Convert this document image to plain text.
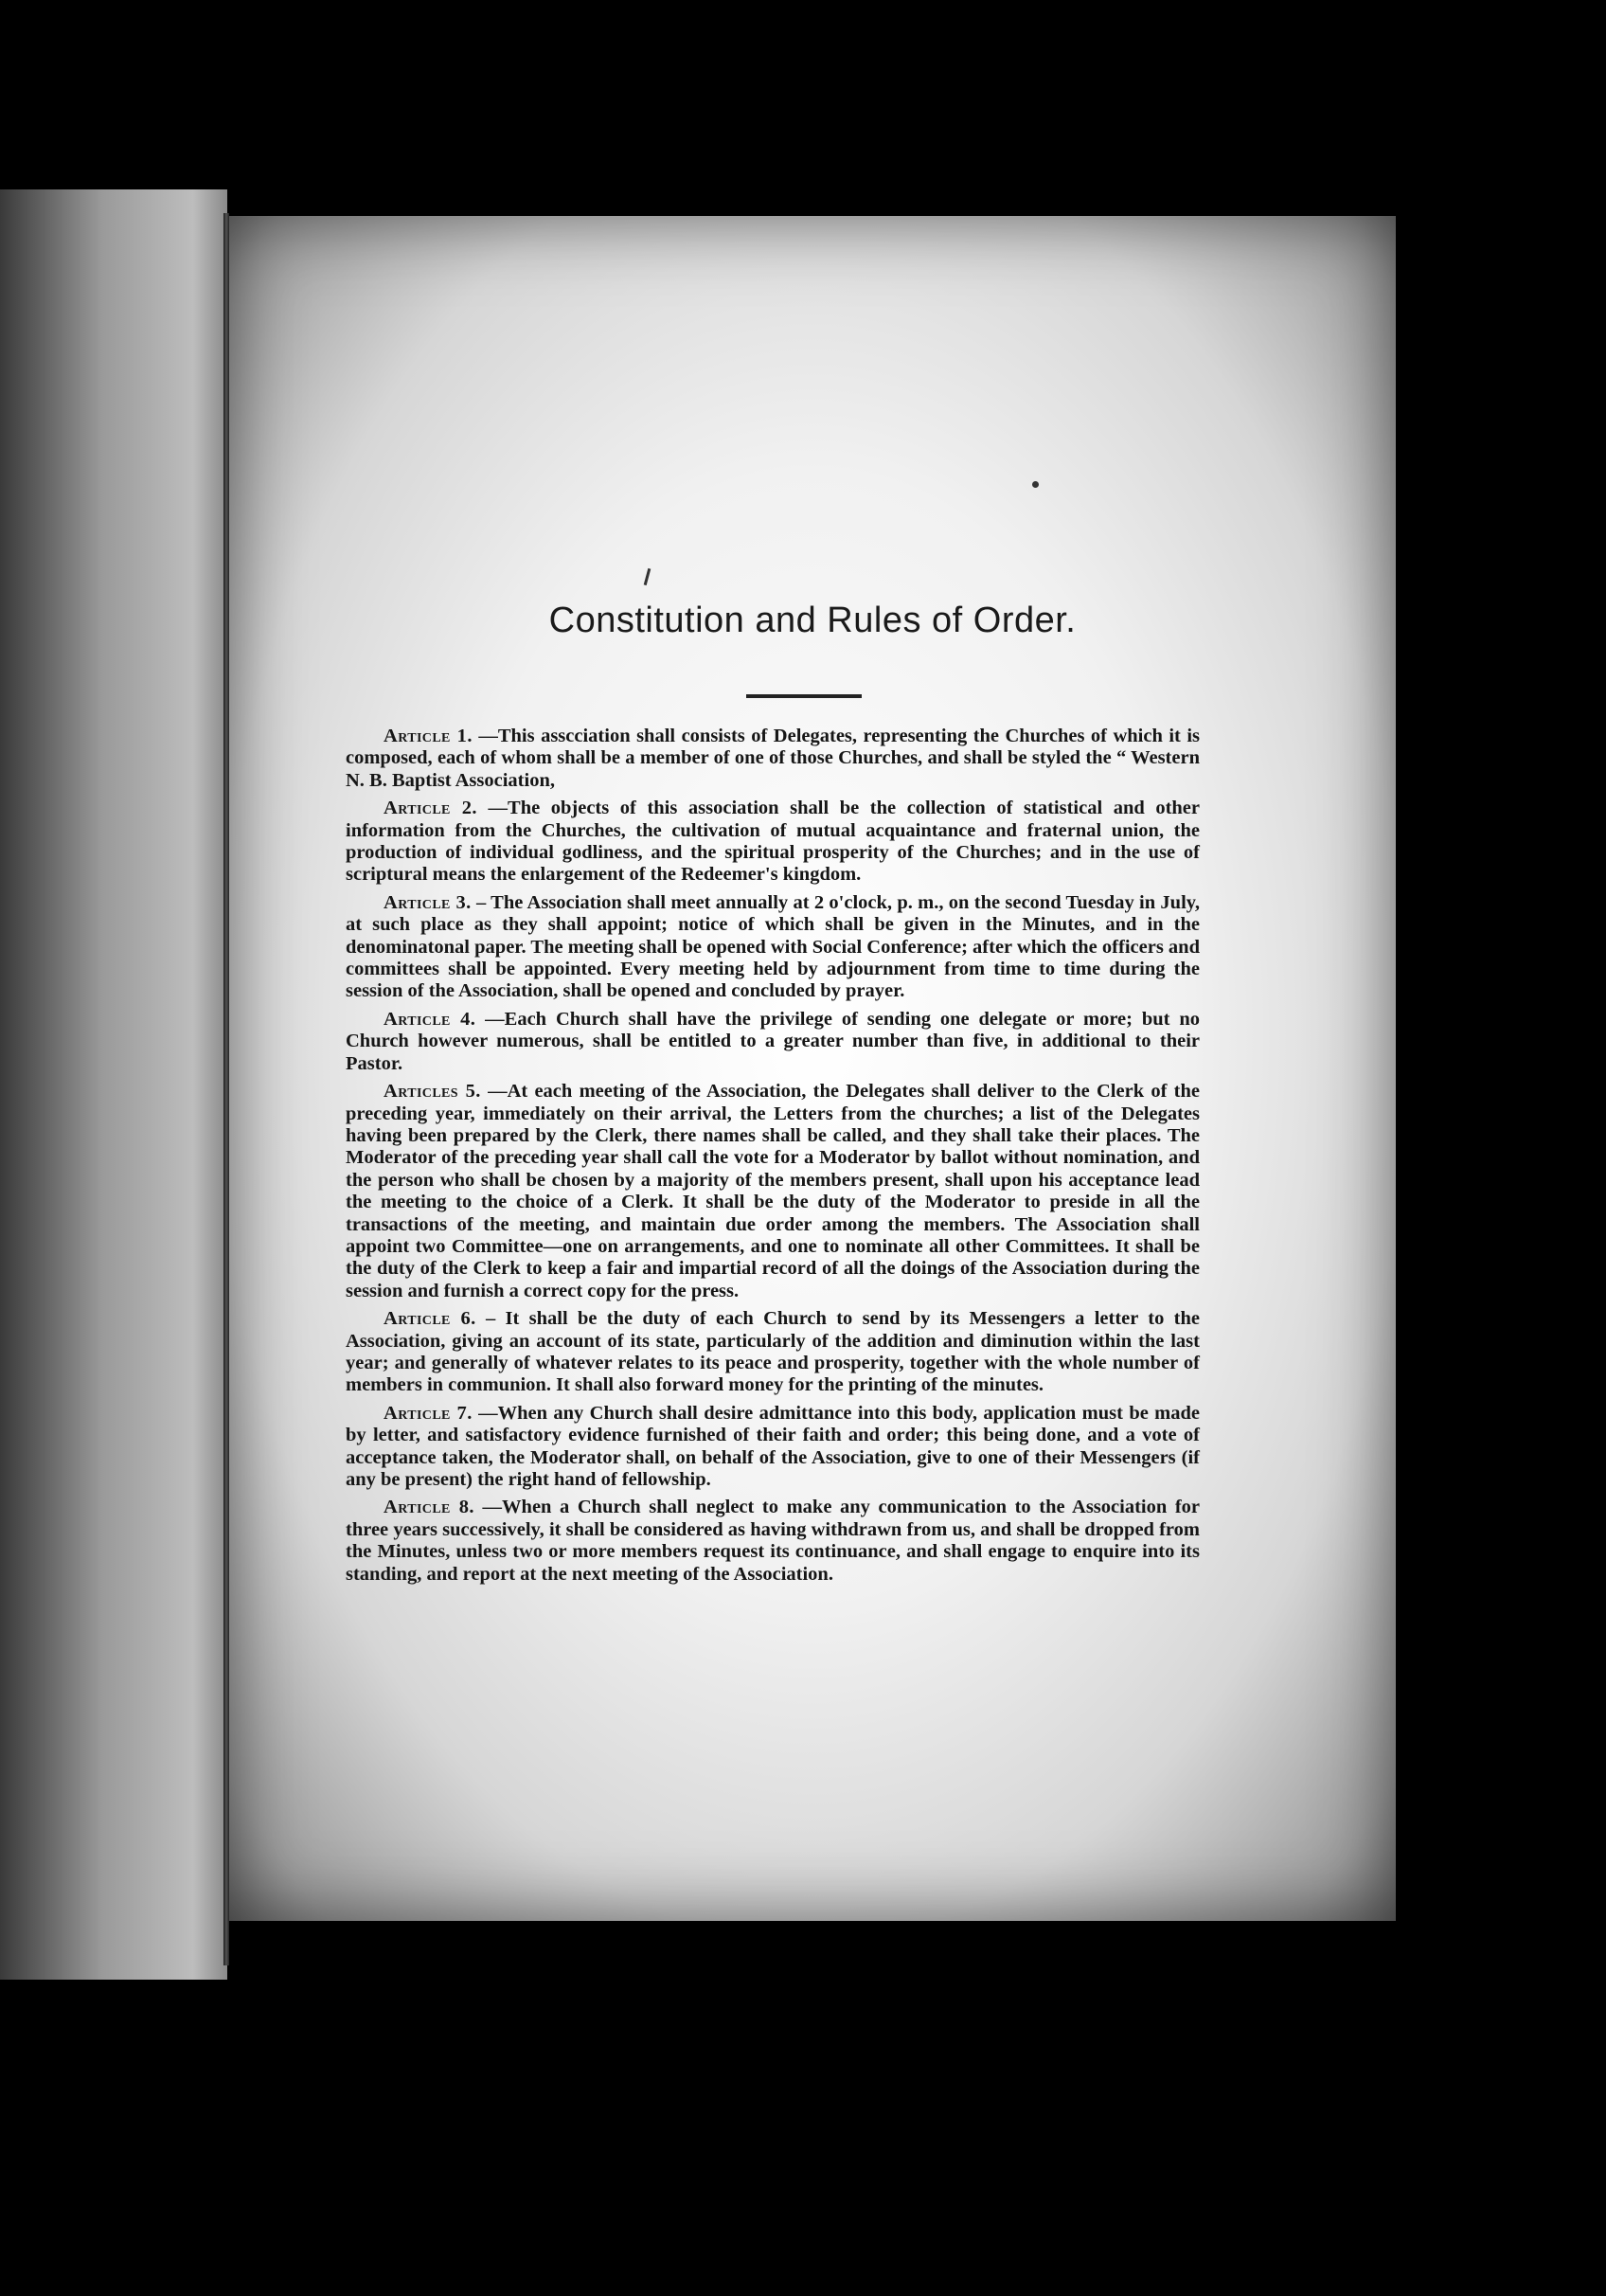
Constitution and Rules of Order.

Article 1. —This asscciation shall consists of Delegates, representing the Churches of which it is composed, each of whom shall be a member of one of those Churches, and shall be styled the “ Western N. B. Baptist Association,

Article 2. —The objects of this association shall be the collection of statistical and other information from the Churches, the cultivation of mutual acquaintance and fraternal union, the production of individual godliness, and the spiritual prosperity of the Churches; and in the use of scriptural means the enlargement of the Redeemer's kingdom.

Article 3. – The Association shall meet annually at 2 o'clock, p. m., on the second Tuesday in July, at such place as they shall appoint; notice of which shall be given in the Minutes, and in the denominatonal paper. The meeting shall be opened with Social Conference; after which the officers and committees shall be appointed. Every meeting held by adjournment from time to time during the session of the Association, shall be opened and concluded by prayer.

Article 4. —Each Church shall have the privilege of sending one delegate or more; but no Church however numerous, shall be entitled to a greater number than five, in additional to their Pastor.

Articles 5. —At each meeting of the Association, the Delegates shall deliver to the Clerk of the preceding year, immediately on their arrival, the Letters from the churches; a list of the Delegates having been prepared by the Clerk, there names shall be called, and they shall take their places. The Moderator of the preceding year shall call the vote for a Moderator by ballot without nomination, and the person who shall be chosen by a majority of the members present, shall upon his acceptance lead the meeting to the choice of a Clerk. It shall be the duty of the Moderator to preside in all the transactions of the meeting, and maintain due order among the members. The Association shall appoint two Committee—one on arrangements, and one to nominate all other Committees. It shall be the duty of the Clerk to keep a fair and impartial record of all the doings of the Association during the session and furnish a correct copy for the press.

Article 6. – It shall be the duty of each Church to send by its Messengers a letter to the Association, giving an account of its state, particularly of the addition and diminution within the last year; and generally of whatever relates to its peace and prosperity, together with the whole number of members in communion. It shall also forward money for the printing of the minutes.

Article 7. —When any Church shall desire admittance into this body, application must be made by letter, and satisfactory evidence furnished of their faith and order; this being done, and a vote of acceptance taken, the Moderator shall, on behalf of the Association, give to one of their Messengers (if any be present) the right hand of fellowship.

Article 8. —When a Church shall neglect to make any communication to the Association for three years successively, it shall be considered as having withdrawn from us, and shall be dropped from the Minutes, unless two or more members request its continuance, and shall engage to enquire into its standing, and report at the next meeting of the Association.
